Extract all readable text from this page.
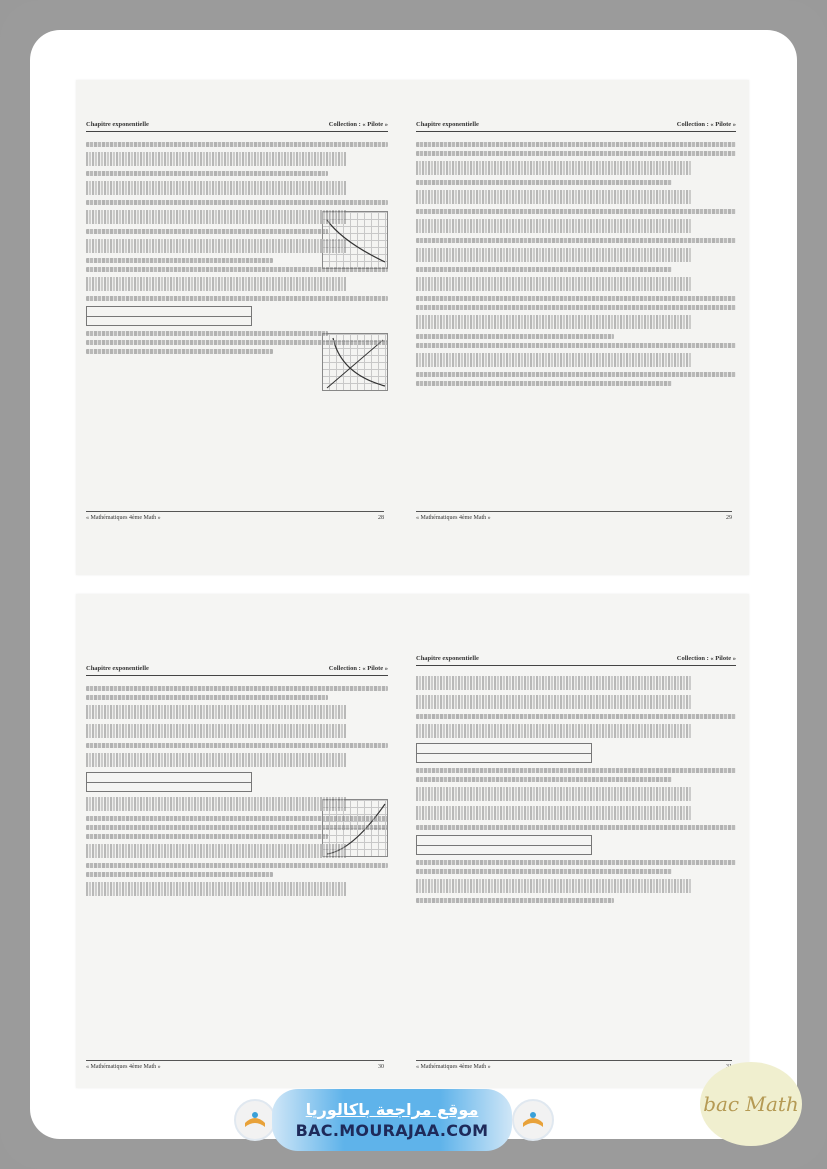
Chapitre exponentielle	Collection : « Pilote »
« Mathématiques 4ème Math »	28
Chapitre exponentielle	Collection : « Pilote »
« Mathématiques 4ème Math »	29
Chapitre exponentielle	Collection : « Pilote »
« Mathématiques 4ème Math »	30
Chapitre exponentielle	Collection : « Pilote »
« Mathématiques 4ème Math »
موقع مراجعة باكالوريا
BAC.MOURAJAA.COM
bac Math
